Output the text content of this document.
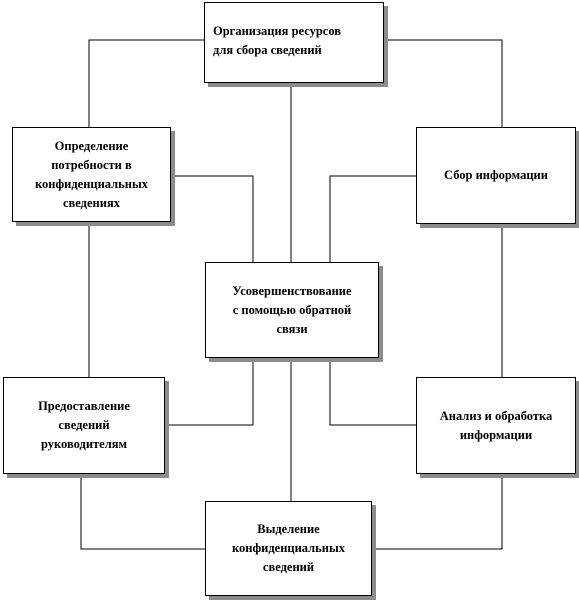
Организация ресурсов
для сбора сведений
Определение
потребности в
конфиденциальных
сведениях
Сбор информации
Усовершенствование
с помощью обратной
связи
Предоставление
сведений
руководителям
Анализ и обработка
информации
Выделение
конфиденциальных
сведений
